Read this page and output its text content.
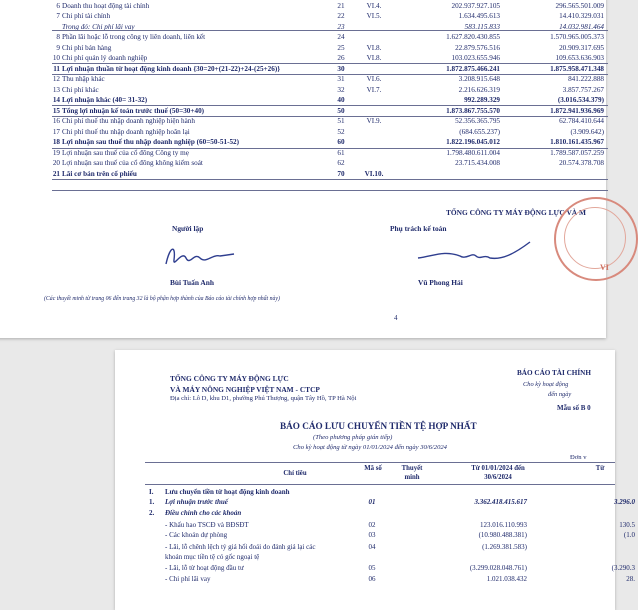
6 Doanh thu hoạt động tài chính	21	VI.4.	202.937.927.105	296.565.501.009
7 Chi phí tài chính	22	VI.5.	1.634.495.613	14.410.329.031
Trong đó: Chi phí lãi vay	23	583.115.833	14.032.981.464
8 Phần lãi hoặc lỗ trong công ty liên doanh, liên kết	24	1.627.820.430.855	1.570.965.005.373
9 Chi phí bán hàng	25	VI.8.	22.879.576.516	20.909.317.695
10 Chi phí quản lý doanh nghiệp	26	VI.8.	103.023.655.946	109.653.636.903
11 Lợi nhuận thuần từ hoạt động kinh doanh {30=20+(21-22)+24-(25+26)}	30	1.872.875.466.241	1.875.958.471.348
12 Thu nhập khác	31	VI.6.	3.208.915.648	841.222.888
13 Chi phí khác	32	VI.7.	2.216.626.319	3.857.757.267
14 Lợi nhuận khác (40= 31-32)	40	992.289.329	(3.016.534.379)
15 Tổng lợi nhuận kế toán trước thuế (50=30+40)	50	1.873.867.755.570	1.872.941.936.969
16 Chi phí thuế thu nhập doanh nghiệp hiện hành	51	VI.9.	52.356.365.795	62.784.410.644
17 Chi phí thuế thu nhập doanh nghiệp hoãn lại	52	(684.655.237)	(3.909.642)
18 Lợi nhuận sau thuế thu nhập doanh nghiệp (60=50-51-52)	60	1.822.196.045.012	1.810.161.435.967
19 Lợi nhuận sau thuế của cổ đông Công ty mẹ	61	1.798.480.611.004	1.789.587.057.259
20 Lợi nhuận sau thuế của cổ đông không kiểm soát	62	23.715.434.008	20.574.378.708
21 Lãi cơ bản trên cổ phiếu	70	VI.10.
TỔNG CÔNG TY MÁY ĐỘNG LỰC VÀ M
Người lập	Phụ trách kế toán
Bùi Tuấn Anh	Vũ Phong Hải
VI
(Các thuyết minh từ trang 06 đến trang 32 là bộ phận hợp thành của Báo cáo tài chính hợp nhất này)
4
TỔNG CÔNG TY MÁY ĐỘNG LỰC
VÀ MÁY NÔNG NGHIỆP VIỆT NAM - CTCP
Địa chỉ: Lô D, khu D1, phường Phú Thượng, quận Tây Hồ, TP Hà Nội
BÁO CÁO TÀI CHÍNH
Cho kỳ hoạt động
đến ngày
Mẫu số B 0
BÁO CÁO LƯU CHUYỂN TIỀN TỆ HỢP NHẤT
(Theo phương pháp gián tiếp)
Cho kỳ hoạt động từ ngày 01/01/2024 đến ngày 30/6/2024
Đơn v
Chỉ tiêu
Mã số	Thuyết minh
Từ 01/01/2024 đến 30/6/2024
Từ
I. Lưu chuyển tiền từ hoạt động kinh doanh
1. Lợi nhuận trước thuế	01	3.362.418.415.617	3.296.0
2. Điều chỉnh cho các khoản
- Khấu hao TSCĐ và BĐSĐT	02	123.016.110.993	130.5
- Các khoản dự phòng	03	(10.980.488.381)	(1.0
- Lãi, lỗ chênh lệch tỷ giá hối đoái do đánh giá lại các	04	(1.269.381.583)
khoản mục tiền tệ có gốc ngoại tệ
- Lãi, lỗ từ hoạt động đầu tư	05	(3.299.028.048.761)	(3.290.3
- Chi phí lãi vay	06	1.021.038.432	28.
